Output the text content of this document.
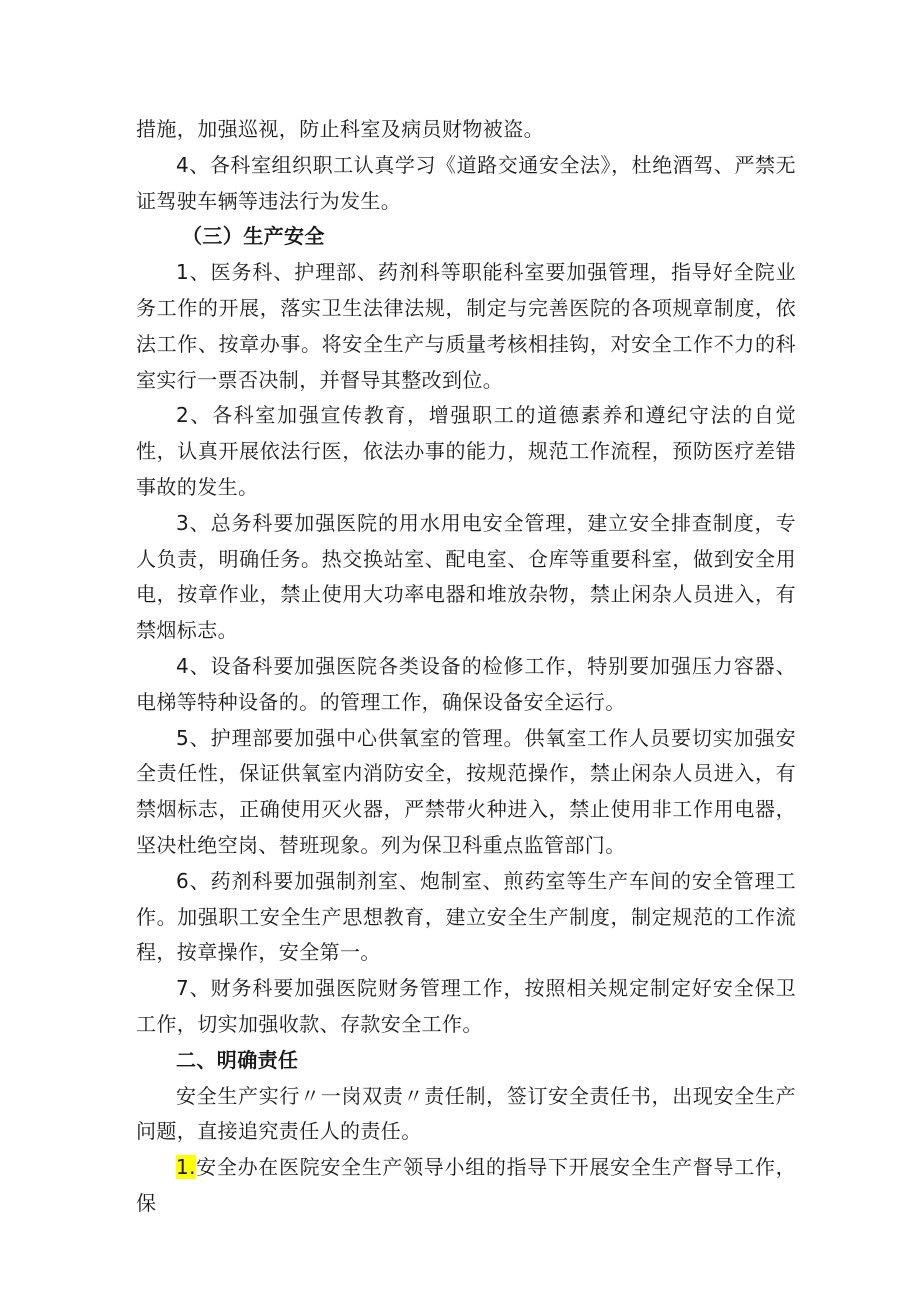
措施，加强巡视，防止科室及病员财物被盗。

4、各科室组织职工认真学习《道路交通安全法》，杜绝酒驾、严禁无证驾驶车辆等违法行为发生。

（三）生产安全

1、医务科、护理部、药剂科等职能科室要加强管理，指导好全院业务工作的开展，落实卫生法律法规，制定与完善医院的各项规章制度，依法工作、按章办事。将安全生产与质量考核相挂钩，对安全工作不力的科室实行一票否决制，并督导其整改到位。

2、各科室加强宣传教育，增强职工的道德素养和遵纪守法的自觉性，认真开展依法行医，依法办事的能力，规范工作流程，预防医疗差错事故的发生。

3、总务科要加强医院的用水用电安全管理，建立安全排查制度，专人负责，明确任务。热交换站室、配电室、仓库等重要科室，做到安全用电，按章作业，禁止使用大功率电器和堆放杂物，禁止闲杂人员进入，有禁烟标志。

4、设备科要加强医院各类设备的检修工作，特别要加强压力容器、电梯等特种设备的。的管理工作，确保设备安全运行。

5、护理部要加强中心供氧室的管理。供氧室工作人员要切实加强安全责任性，保证供氧室内消防安全，按规范操作，禁止闲杂人员进入，有禁烟标志，正确使用灭火器，严禁带火种进入，禁止使用非工作用电器，坚决杜绝空岗、替班现象。列为保卫科重点监管部门。

6、药剂科要加强制剂室、炮制室、煎药室等生产车间的安全管理工作。加强职工安全生产思想教育，建立安全生产制度，制定规范的工作流程，按章操作，安全第一。

7、财务科要加强医院财务管理工作，按照相关规定制定好安全保卫工作，切实加强收款、存款安全工作。

二、明确责任

安全生产实行〃一岗双责〃责任制，签订安全责任书，出现安全生产问题，直接追究责任人的责任。

1.安全办在医院安全生产领导小组的指导下开展安全生产督导工作，保
